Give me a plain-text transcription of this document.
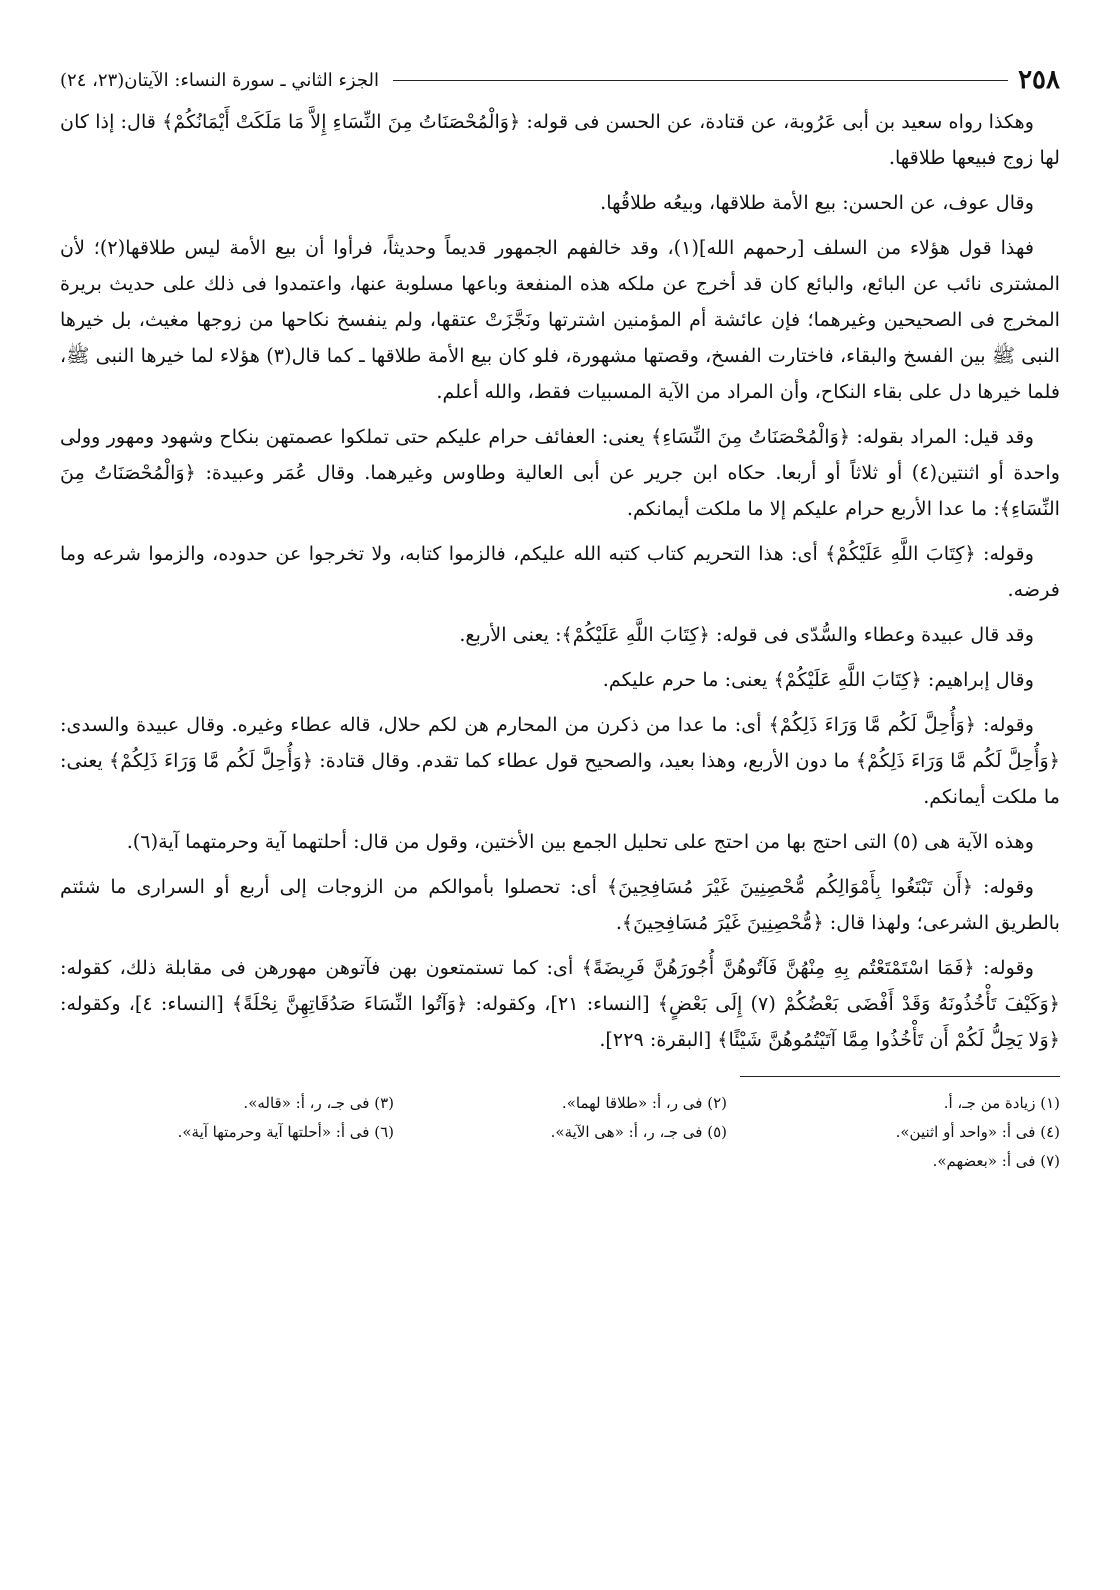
٢٥٨
الجزء الثاني ـ سورة النساء: الآيتان(٢٣، ٢٤)

وهكذا رواه سعيد بن أبى عَرُوبة، عن قتادة، عن الحسن فى قوله: ﴿وَالْمُحْصَنَاتُ مِنَ النِّسَاءِ إِلاَّ مَا مَلَكَتْ أَيْمَانُكُمْ﴾ قال: إذا كان لها زوج فبيعها طلاقها.

وقال عوف، عن الحسن: بيع الأمة طلاقها، وبيعُه طلاقُها.

فهذا قول هؤلاء من السلف [رحمهم الله](١)، وقد خالفهم الجمهور قديماً وحديثاً، فرأوا أن بيع الأمة ليس طلاقها(٢)؛ لأن المشترى نائب عن البائع، والبائع كان قد أخرج عن ملكه هذه المنفعة وباعها مسلوبة عنها، واعتمدوا فى ذلك على حديث بريرة المخرج فى الصحيحين وغيرهما؛ فإن عائشة أم المؤمنين اشترتها ونَجَّزَتْ عتقها، ولم ينفسخ نكاحها من زوجها مغيث، بل خيرها النبى ﷺ بين الفسخ والبقاء، فاختارت الفسخ، وقصتها مشهورة، فلو كان بيع الأمة طلاقها ـ كما قال(٣) هؤلاء لما خيرها النبى ﷺ، فلما خيرها دل على بقاء النكاح، وأن المراد من الآية المسبيات فقط، والله أعلم.

وقد قيل: المراد بقوله: ﴿وَالْمُحْصَنَاتُ مِنَ النِّسَاءِ﴾ يعنى: العفائف حرام عليكم حتى تملكوا عصمتهن بنكاح وشهود ومهور وولى واحدة أو اثنتين(٤) أو ثلاثاً أو أربعا. حكاه ابن جرير عن أبى العالية وطاوس وغيرهما. وقال عُمَر وعبيدة: ﴿وَالْمُحْصَنَاتُ مِنَ النِّسَاءِ﴾: ما عدا الأربع حرام عليكم إلا ما ملكت أيمانكم.

وقوله: ﴿كِتَابَ اللَّهِ عَلَيْكُمْ﴾ أى: هذا التحريم كتاب كتبه الله عليكم، فالزموا كتابه، ولا تخرجوا عن حدوده، والزموا شرعه وما فرضه.

وقد قال عبيدة وعطاء والسُّدّى فى قوله: ﴿كِتَابَ اللَّهِ عَلَيْكُمْ﴾: يعنى الأربع.

وقال إبراهيم: ﴿كِتَابَ اللَّهِ عَلَيْكُمْ﴾ يعنى: ما حرم عليكم.

وقوله: ﴿وَأُحِلَّ لَكُم مَّا وَرَاءَ ذَلِكُمْ﴾ أى: ما عدا من ذكرن من المحارم هن لكم حلال، قاله عطاء وغيره. وقال عبيدة والسدى: ﴿وَأُحِلَّ لَكُم مَّا وَرَاءَ ذَلِكُمْ﴾ ما دون الأربع، وهذا بعيد، والصحيح قول عطاء كما تقدم. وقال قتادة: ﴿وَأُحِلَّ لَكُم مَّا وَرَاءَ ذَلِكُمْ﴾ يعنى: ما ملكت أيمانكم.

وهذه الآية هى (٥) التى احتج بها من احتج على تحليل الجمع بين الأختين، وقول من قال: أحلتهما آية وحرمتهما آية(٦).

وقوله: ﴿أَن تَبْتَغُوا بِأَمْوَالِكُم مُّحْصِنِينَ غَيْرَ مُسَافِحِينَ﴾ أى: تحصلوا بأموالكم من الزوجات إلى أربع أو السرارى ما شئتم بالطريق الشرعى؛ ولهذا قال: ﴿مُّحْصِنِينَ غَيْرَ مُسَافِحِينَ﴾.

وقوله: ﴿فَمَا اسْتَمْتَعْتُم بِهِ مِنْهُنَّ فَآتُوهُنَّ أُجُورَهُنَّ فَرِيضَةً﴾ أى: كما تستمتعون بهن فآتوهن مهورهن فى مقابلة ذلك، كقوله: ﴿وَكَيْفَ تَأْخُذُونَهُ وَقَدْ أَفْضَى بَعْضُكُمْ (٧) إِلَى بَعْضٍ﴾ [النساء: ٢١]، وكقوله: ﴿وَآتُوا النِّسَاءَ صَدُقَاتِهِنَّ نِحْلَةً﴾ [النساء: ٤]، وكقوله: ﴿وَلا يَحِلُّ لَكُمْ أَن تَأْخُذُوا مِمَّا آتَيْتُمُوهُنَّ شَيْئًا﴾ [البقرة: ٢٢٩].

(١) زيادة من جـ، أ.
(٢) فى ر، أ: «طلاقا لهما».
(٣) فى جـ، ر، أ: «قاله».
(٤) فى أ: «واحد أو اثنين».
(٥) فى جـ، ر، أ: «هى الآية».
(٦) فى أ: «أحلتها آية وحرمتها آية».
(٧) فى أ: «بعضهم».
